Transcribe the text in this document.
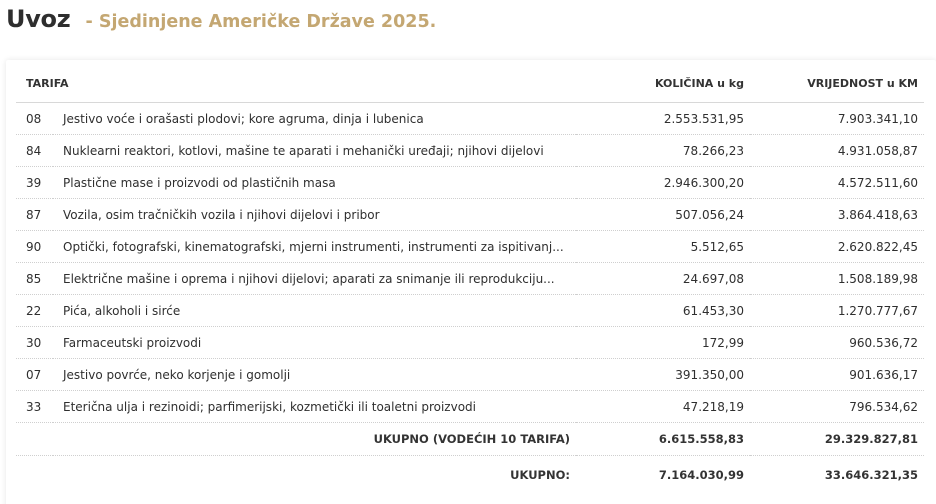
Uvoz - Sjedinjene Američke Države 2025.
TARIFA		KOLIČINA u kg	VRIJEDNOST u KM
08	Jestivo voće i orašasti plodovi; kore agruma, dinja i lubenica	2.553.531,95	7.903.341,10
84	Nuklearni reaktori, kotlovi, mašine te aparati i mehanički uređaji; njihovi dijelovi	78.266,23	4.931.058,87
39	Plastične mase i proizvodi od plastičnih masa	2.946.300,20	4.572.511,60
87	Vozila, osim tračničkih vozila i njihovi dijelovi i pribor	507.056,24	3.864.418,63
90	Optički, fotografski, kinematografski, mjerni instrumenti, instrumenti za ispitivanj...	5.512,65	2.620.822,45
85	Električne mašine i oprema i njihovi dijelovi; aparati za snimanje ili reprodukciju...	24.697,08	1.508.189,98
22	Pića, alkoholi i sirće	61.453,30	1.270.777,67
30	Farmaceutski proizvodi	172,99	960.536,72
07	Jestivo povrće, neko korjenje i gomolji	391.350,00	901.636,17
33	Eterična ulja i rezinoidi; parfimerijski, kozmetički ili toaletni proizvodi	47.218,19	796.534,62
UKUPNO (VODEĆIH 10 TARIFA)		6.615.558,83	29.329.827,81
UKUPNO:		7.164.030,99	33.646.321,35
